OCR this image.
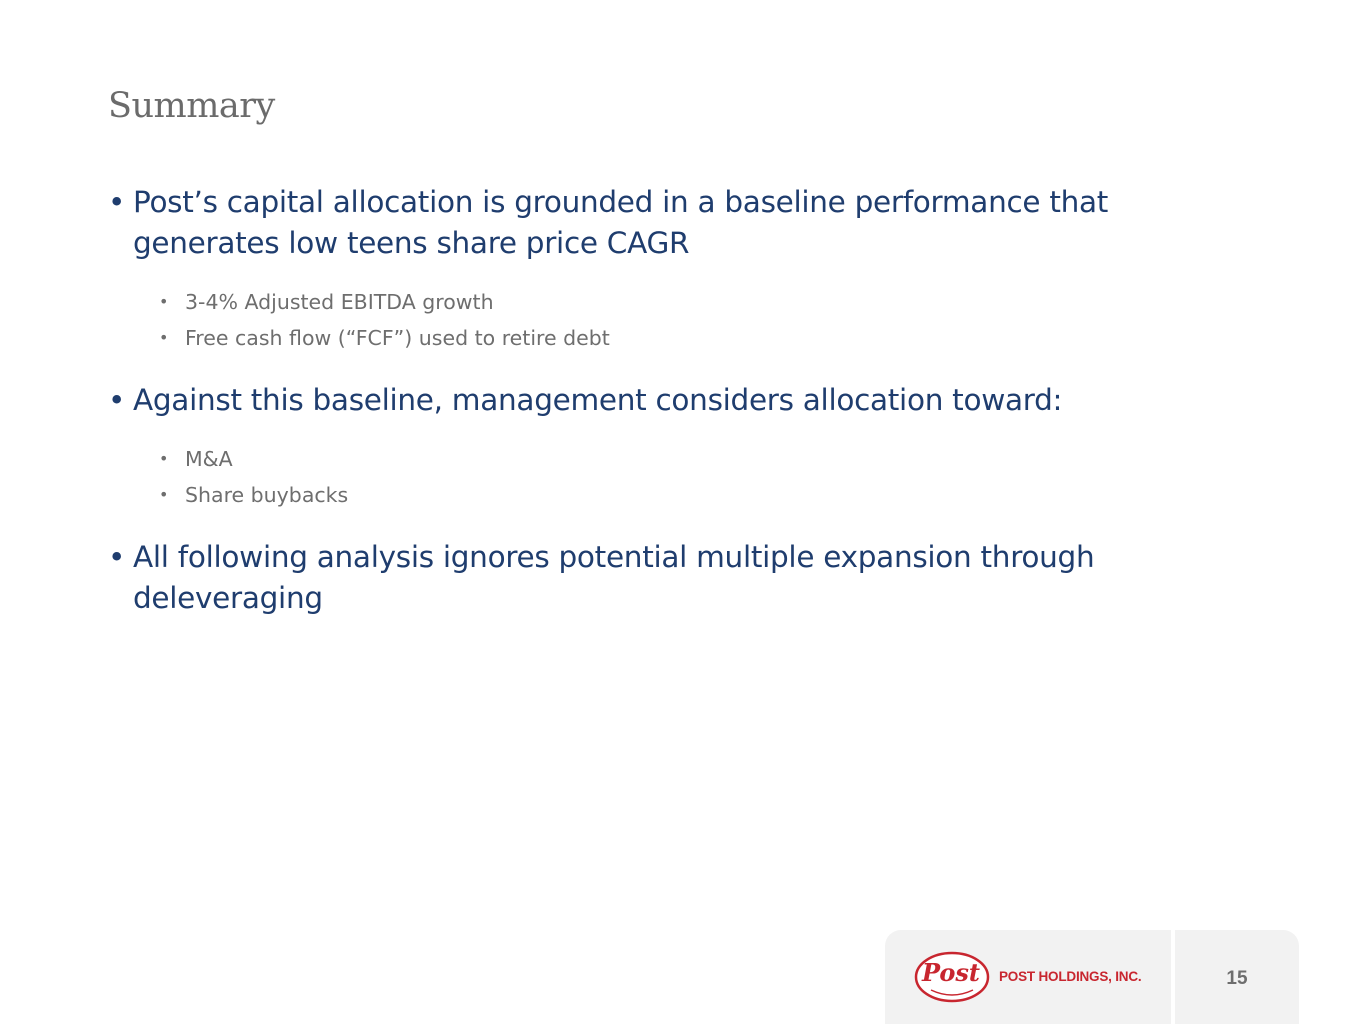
Summary
• Post’s capital allocation is grounded in a baseline performance that generates low teens share price CAGR
• 3-4% Adjusted EBITDA growth
• Free cash flow (“FCF”) used to retire debt
• Against this baseline, management considers allocation toward:
• M&A
• Share buybacks
• All following analysis ignores potential multiple expansion through deleveraging
Post POST HOLDINGS, INC.	15
